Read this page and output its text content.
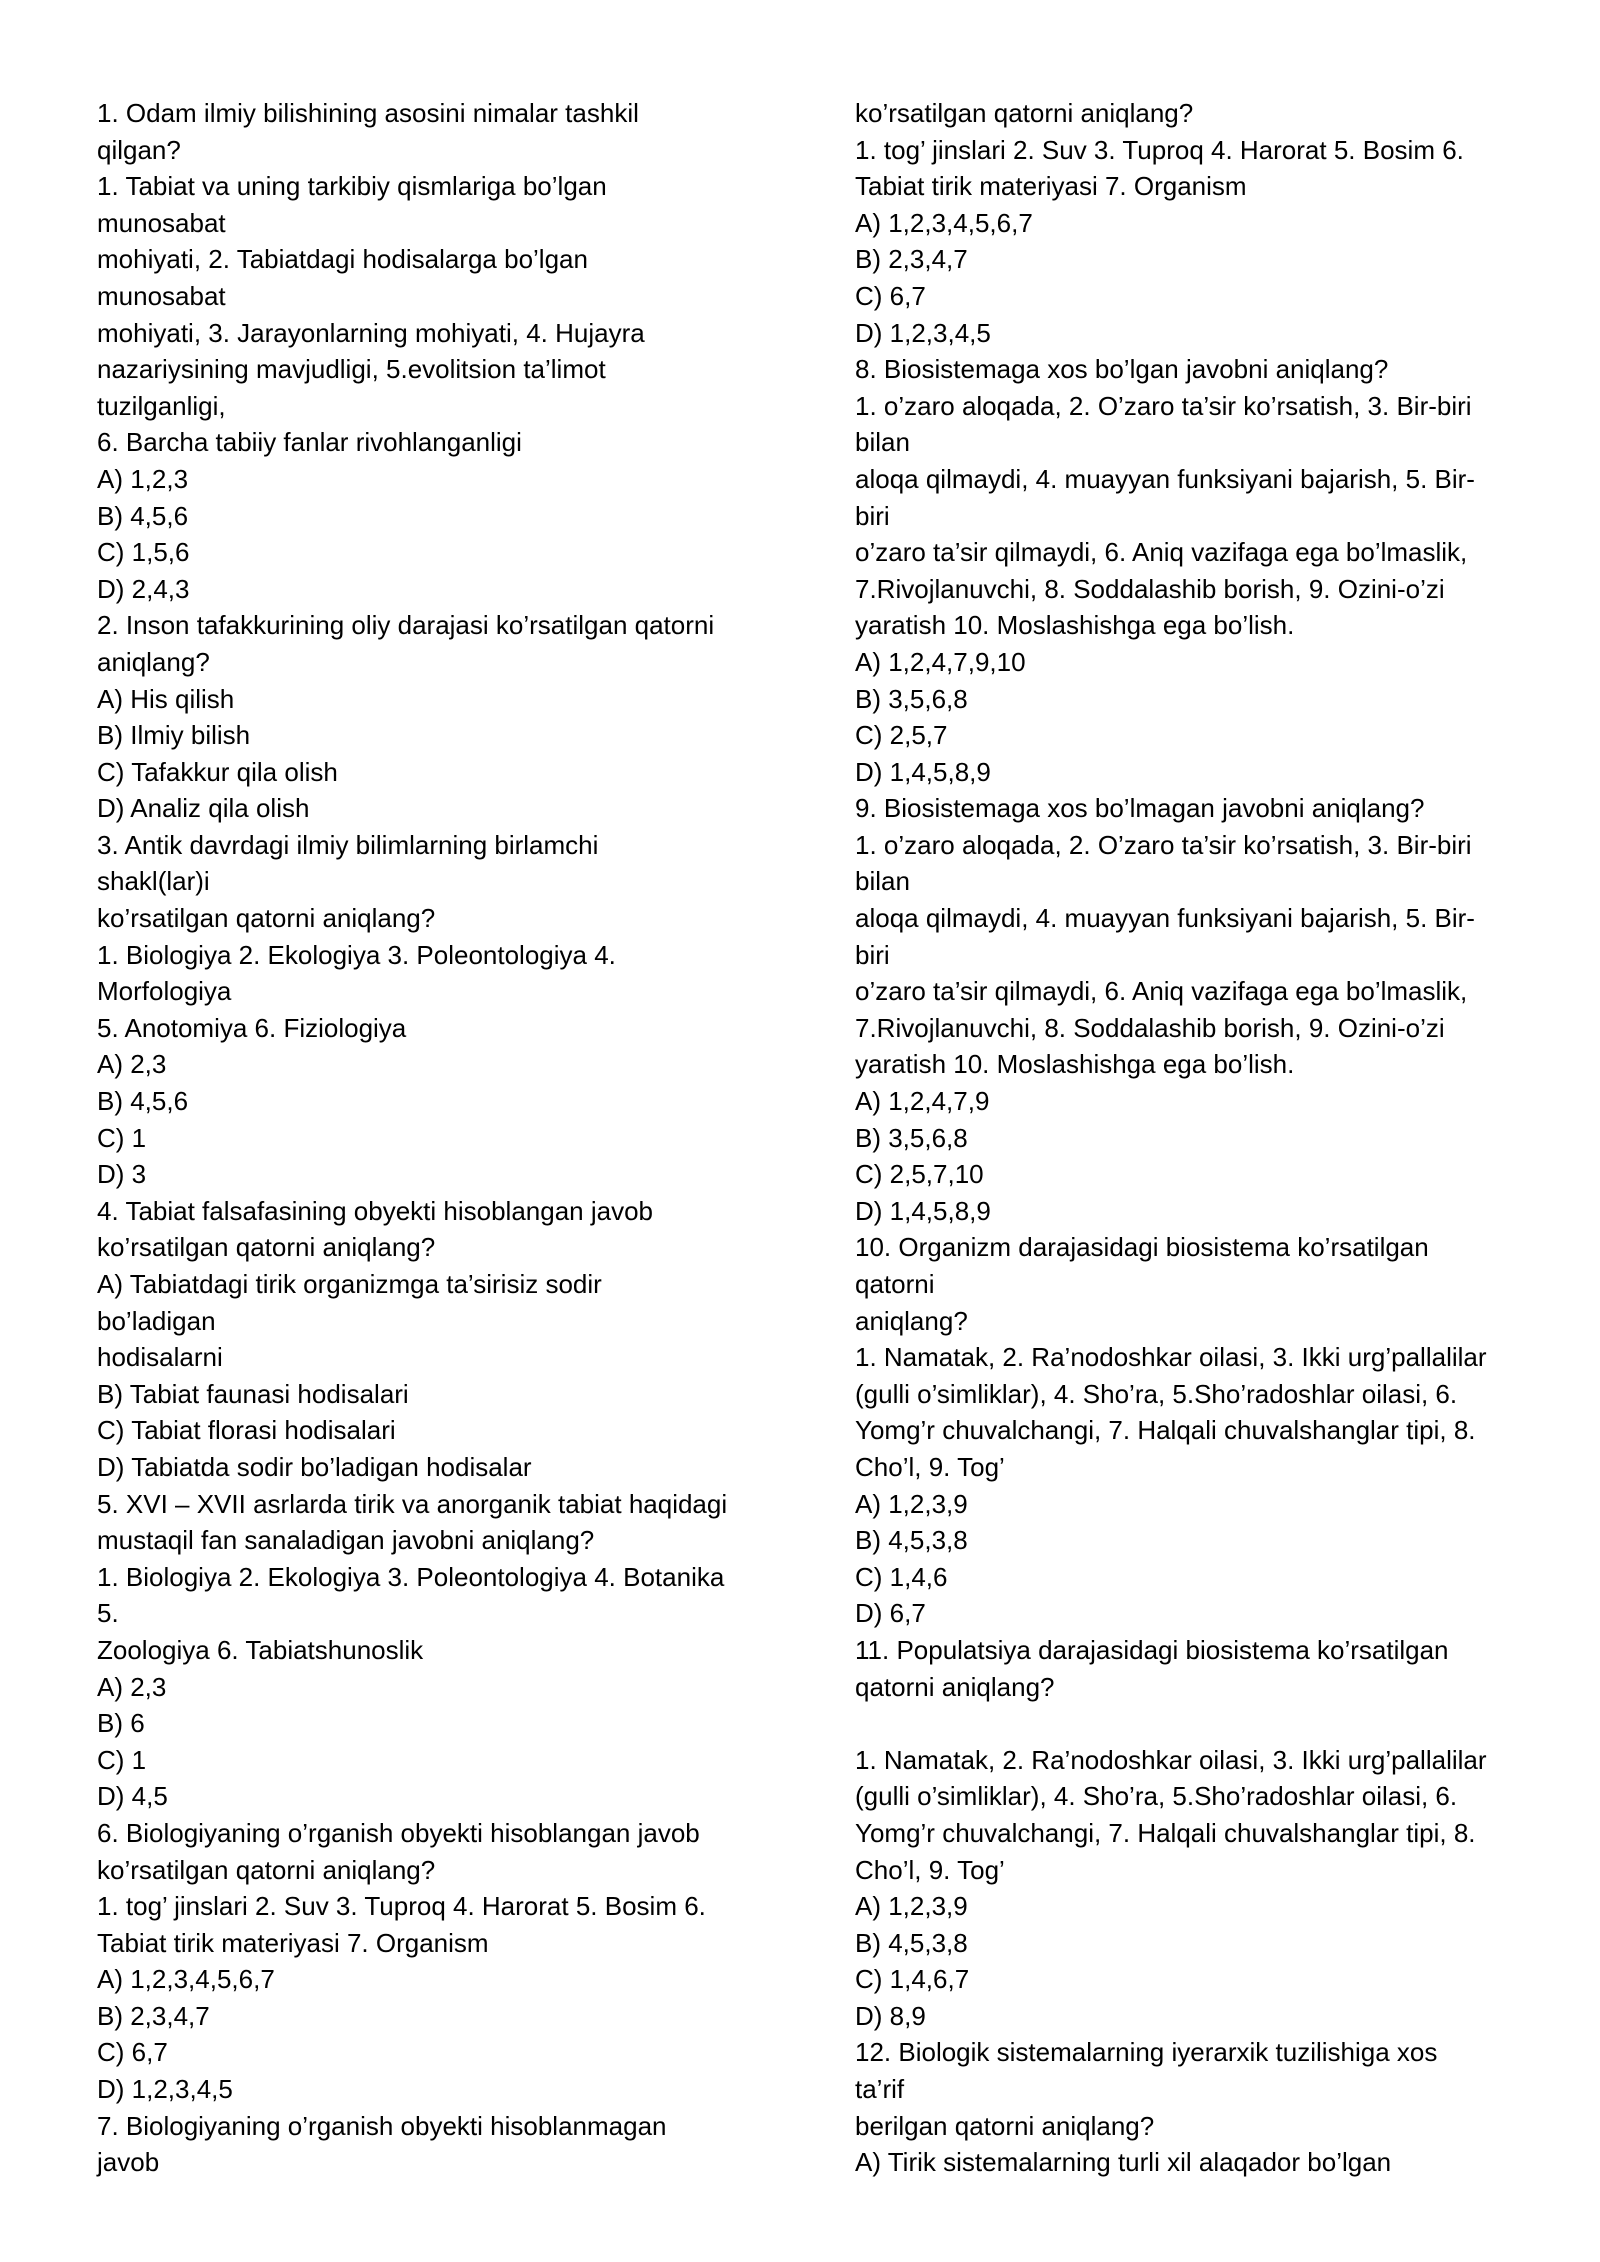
1. Odam ilmiy bilishining asosini nimalar tashkil
qilgan?
1. Tabiat va uning tarkibiy qismlariga bo’lgan
munosabat
mohiyati, 2. Tabiatdagi hodisalarga bo’lgan
munosabat
mohiyati, 3. Jarayonlarning mohiyati, 4. Hujayra
nazariysining mavjudligi, 5.evolitsion ta’limot
tuzilganligi,
6. Barcha tabiiy fanlar rivohlanganligi
A) 1,2,3
B) 4,5,6
C) 1,5,6
D) 2,4,3
2. Inson tafakkurining oliy darajasi ko’rsatilgan qatorni
aniqlang?
A) His qilish
B) Ilmiy bilish
C) Tafakkur qila olish
D) Analiz qila olish
3. Antik davrdagi ilmiy bilimlarning birlamchi
shakl(lar)i
ko’rsatilgan qatorni aniqlang?
1. Biologiya 2. Ekologiya 3. Poleontologiya 4.
Morfologiya
5. Anotomiya 6. Fiziologiya
A) 2,3
B) 4,5,6
C) 1
D) 3
4. Tabiat falsafasining obyekti hisoblangan javob
ko’rsatilgan qatorni aniqlang?
A) Tabiatdagi tirik organizmga ta’sirisiz sodir
bo’ladigan
hodisalarni
B) Tabiat faunasi hodisalari
C) Tabiat florasi hodisalari
D) Tabiatda sodir bo’ladigan hodisalar
5. XVI – XVII asrlarda tirik va anorganik tabiat haqidagi
mustaqil fan sanaladigan javobni aniqlang?
1. Biologiya 2. Ekologiya 3. Poleontologiya 4. Botanika
5.
Zoologiya 6. Tabiatshunoslik
A) 2,3
B) 6
C) 1
D) 4,5
6. Biologiyaning o’rganish obyekti hisoblangan javob
ko’rsatilgan qatorni aniqlang?
1. tog’ jinslari 2. Suv 3. Tuproq 4. Harorat 5. Bosim 6.
Tabiat tirik materiyasi 7. Organism
A) 1,2,3,4,5,6,7
B) 2,3,4,7
C) 6,7
D) 1,2,3,4,5
7. Biologiyaning o’rganish obyekti hisoblanmagan
javob
ko’rsatilgan qatorni aniqlang?
1. tog’ jinslari 2. Suv 3. Tuproq 4. Harorat 5. Bosim 6.
Tabiat tirik materiyasi 7. Organism
A) 1,2,3,4,5,6,7
B) 2,3,4,7
C) 6,7
D) 1,2,3,4,5
8. Biosistemaga xos bo’lgan javobni aniqlang?
1. o’zaro aloqada, 2. O’zaro ta’sir ko’rsatish, 3. Bir-biri
bilan
aloqa qilmaydi, 4. muayyan funksiyani bajarish, 5. Bir-
biri
o’zaro ta’sir qilmaydi, 6. Aniq vazifaga ega bo’lmaslik,
7.Rivojlanuvchi, 8. Soddalashib borish, 9. Ozini-o’zi
yaratish 10. Moslashishga ega bo’lish.
A) 1,2,4,7,9,10
B) 3,5,6,8
C) 2,5,7
D) 1,4,5,8,9
9. Biosistemaga xos bo’lmagan javobni aniqlang?
1. o’zaro aloqada, 2. O’zaro ta’sir ko’rsatish, 3. Bir-biri
bilan
aloqa qilmaydi, 4. muayyan funksiyani bajarish, 5. Bir-
biri
o’zaro ta’sir qilmaydi, 6. Aniq vazifaga ega bo’lmaslik,
7.Rivojlanuvchi, 8. Soddalashib borish, 9. Ozini-o’zi
yaratish 10. Moslashishga ega bo’lish.
A) 1,2,4,7,9
B) 3,5,6,8
C) 2,5,7,10
D) 1,4,5,8,9
10. Organizm darajasidagi biosistema ko’rsatilgan
qatorni
aniqlang?
1. Namatak, 2. Ra’nodoshkar oilasi, 3. Ikki urg’pallalilar
(gulli o’simliklar), 4. Sho’ra, 5.Sho’radoshlar oilasi, 6.
Yomg’r chuvalchangi, 7. Halqali chuvalshanglar tipi, 8.
Cho’l, 9. Tog’
A) 1,2,3,9
B) 4,5,3,8
C) 1,4,6
D) 6,7
11. Populatsiya darajasidagi biosistema ko’rsatilgan
qatorni aniqlang?
1. Namatak, 2. Ra’nodoshkar oilasi, 3. Ikki urg’pallalilar
(gulli o’simliklar), 4. Sho’ra, 5.Sho’radoshlar oilasi, 6.
Yomg’r chuvalchangi, 7. Halqali chuvalshanglar tipi, 8.
Cho’l, 9. Tog’
A) 1,2,3,9
B) 4,5,3,8
C) 1,4,6,7
D) 8,9
12. Biologik sistemalarning iyerarxik tuzilishiga xos
ta’rif
berilgan qatorni aniqlang?
A) Tirik sistemalarning turli xil alaqador bo’lgan
